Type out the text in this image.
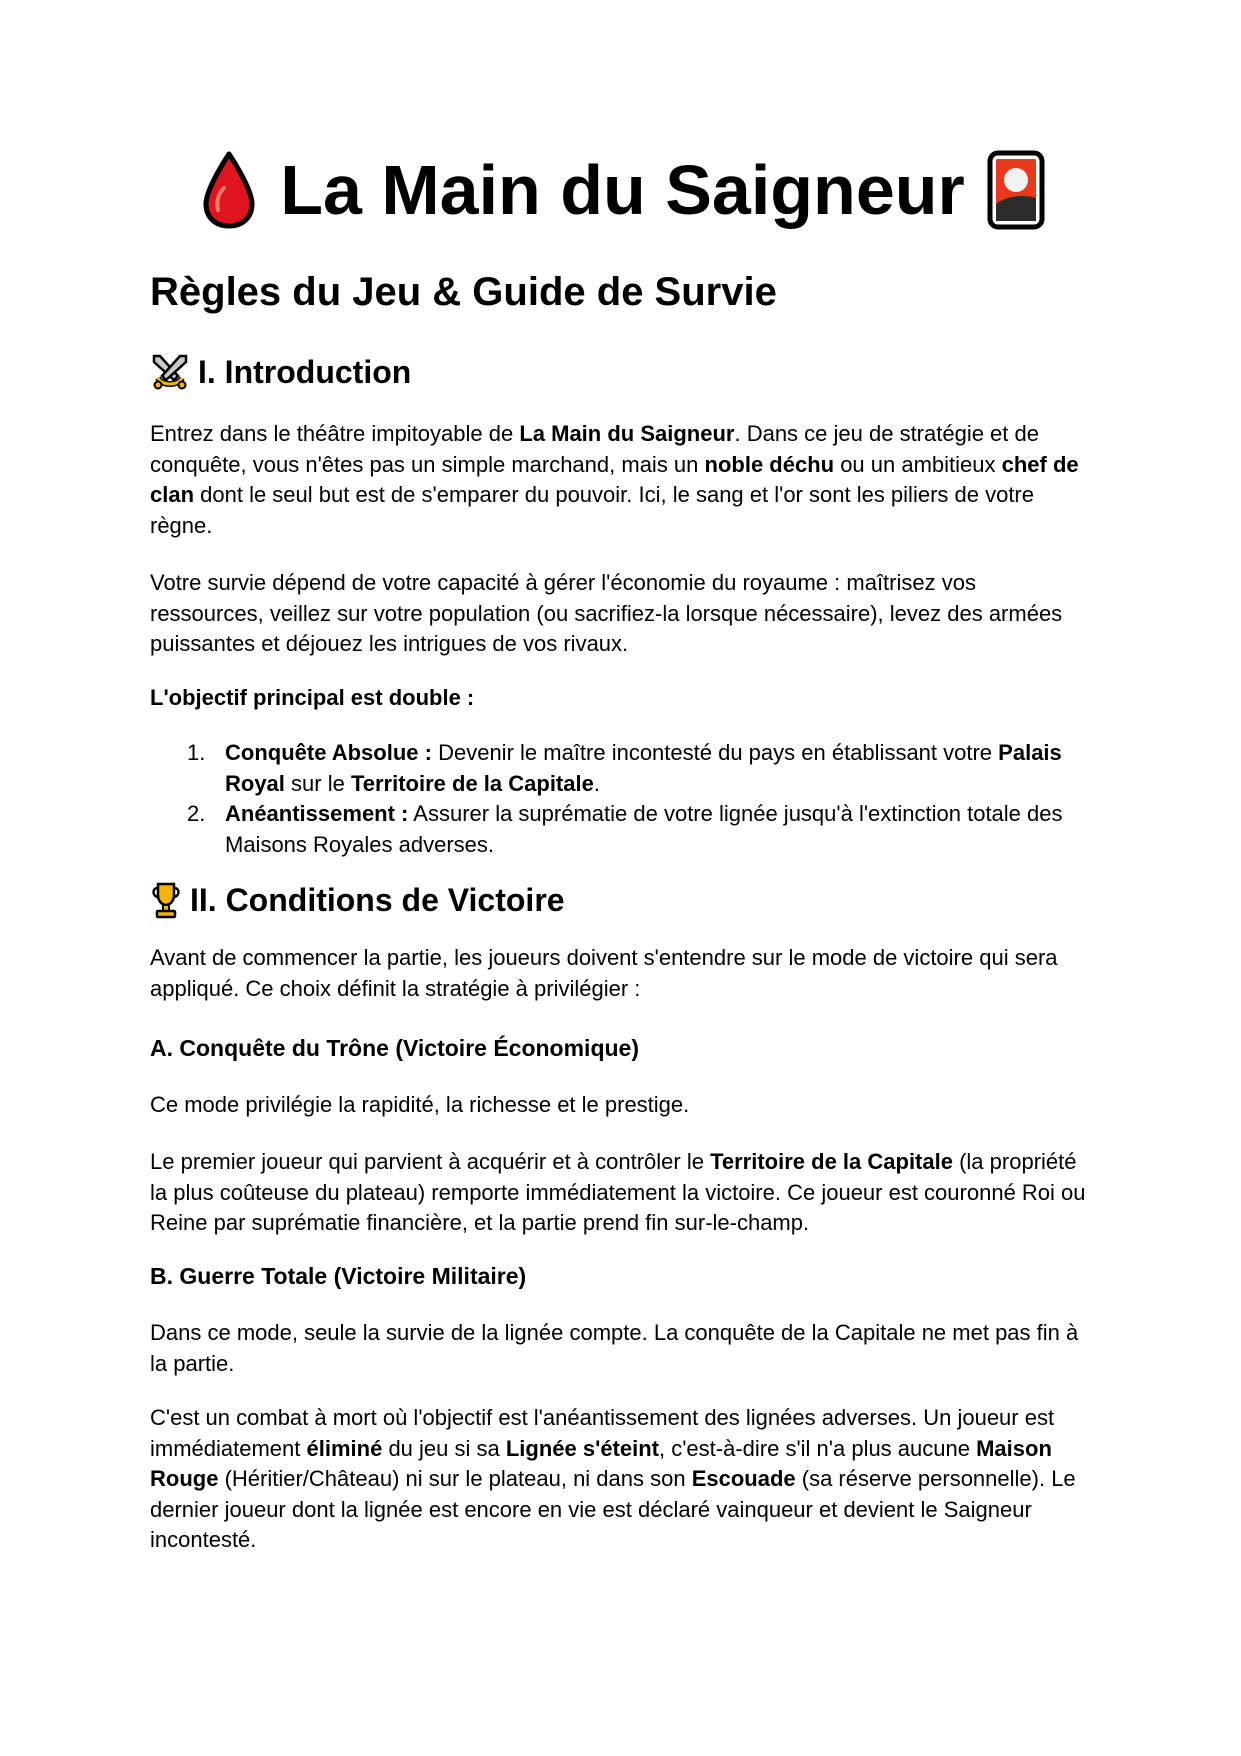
La Main du Saigneur
Règles du Jeu & Guide de Survie
I. Introduction

Entrez dans le théâtre impitoyable de La Main du Saigneur. Dans ce jeu de stratégie et de conquête, vous n'êtes pas un simple marchand, mais un noble déchu ou un ambitieux chef de clan dont le seul but est de s'emparer du pouvoir. Ici, le sang et l'or sont les piliers de votre règne.

Votre survie dépend de votre capacité à gérer l'économie du royaume : maîtrisez vos ressources, veillez sur votre population (ou sacrifiez-la lorsque nécessaire), levez des armées puissantes et déjouez les intrigues de vos rivaux.

L'objectif principal est double :

1. Conquête Absolue : Devenir le maître incontesté du pays en établissant votre Palais Royal sur le Territoire de la Capitale.
2. Anéantissement : Assurer la suprématie de votre lignée jusqu'à l'extinction totale des Maisons Royales adverses.
II. Conditions de Victoire

Avant de commencer la partie, les joueurs doivent s'entendre sur le mode de victoire qui sera appliqué. Ce choix définit la stratégie à privilégier :

A. Conquête du Trône (Victoire Économique)

Ce mode privilégie la rapidité, la richesse et le prestige.

Le premier joueur qui parvient à acquérir et à contrôler le Territoire de la Capitale (la propriété la plus coûteuse du plateau) remporte immédiatement la victoire. Ce joueur est couronné Roi ou Reine par suprématie financière, et la partie prend fin sur-le-champ.

B. Guerre Totale (Victoire Militaire)

Dans ce mode, seule la survie de la lignée compte. La conquête de la Capitale ne met pas fin à la partie.

C'est un combat à mort où l'objectif est l'anéantissement des lignées adverses. Un joueur est immédiatement éliminé du jeu si sa Lignée s'éteint, c'est-à-dire s'il n'a plus aucune Maison Rouge (Héritier/Château) ni sur le plateau, ni dans son Escouade (sa réserve personnelle). Le dernier joueur dont la lignée est encore en vie est déclaré vainqueur et devient le Saigneur incontesté.
